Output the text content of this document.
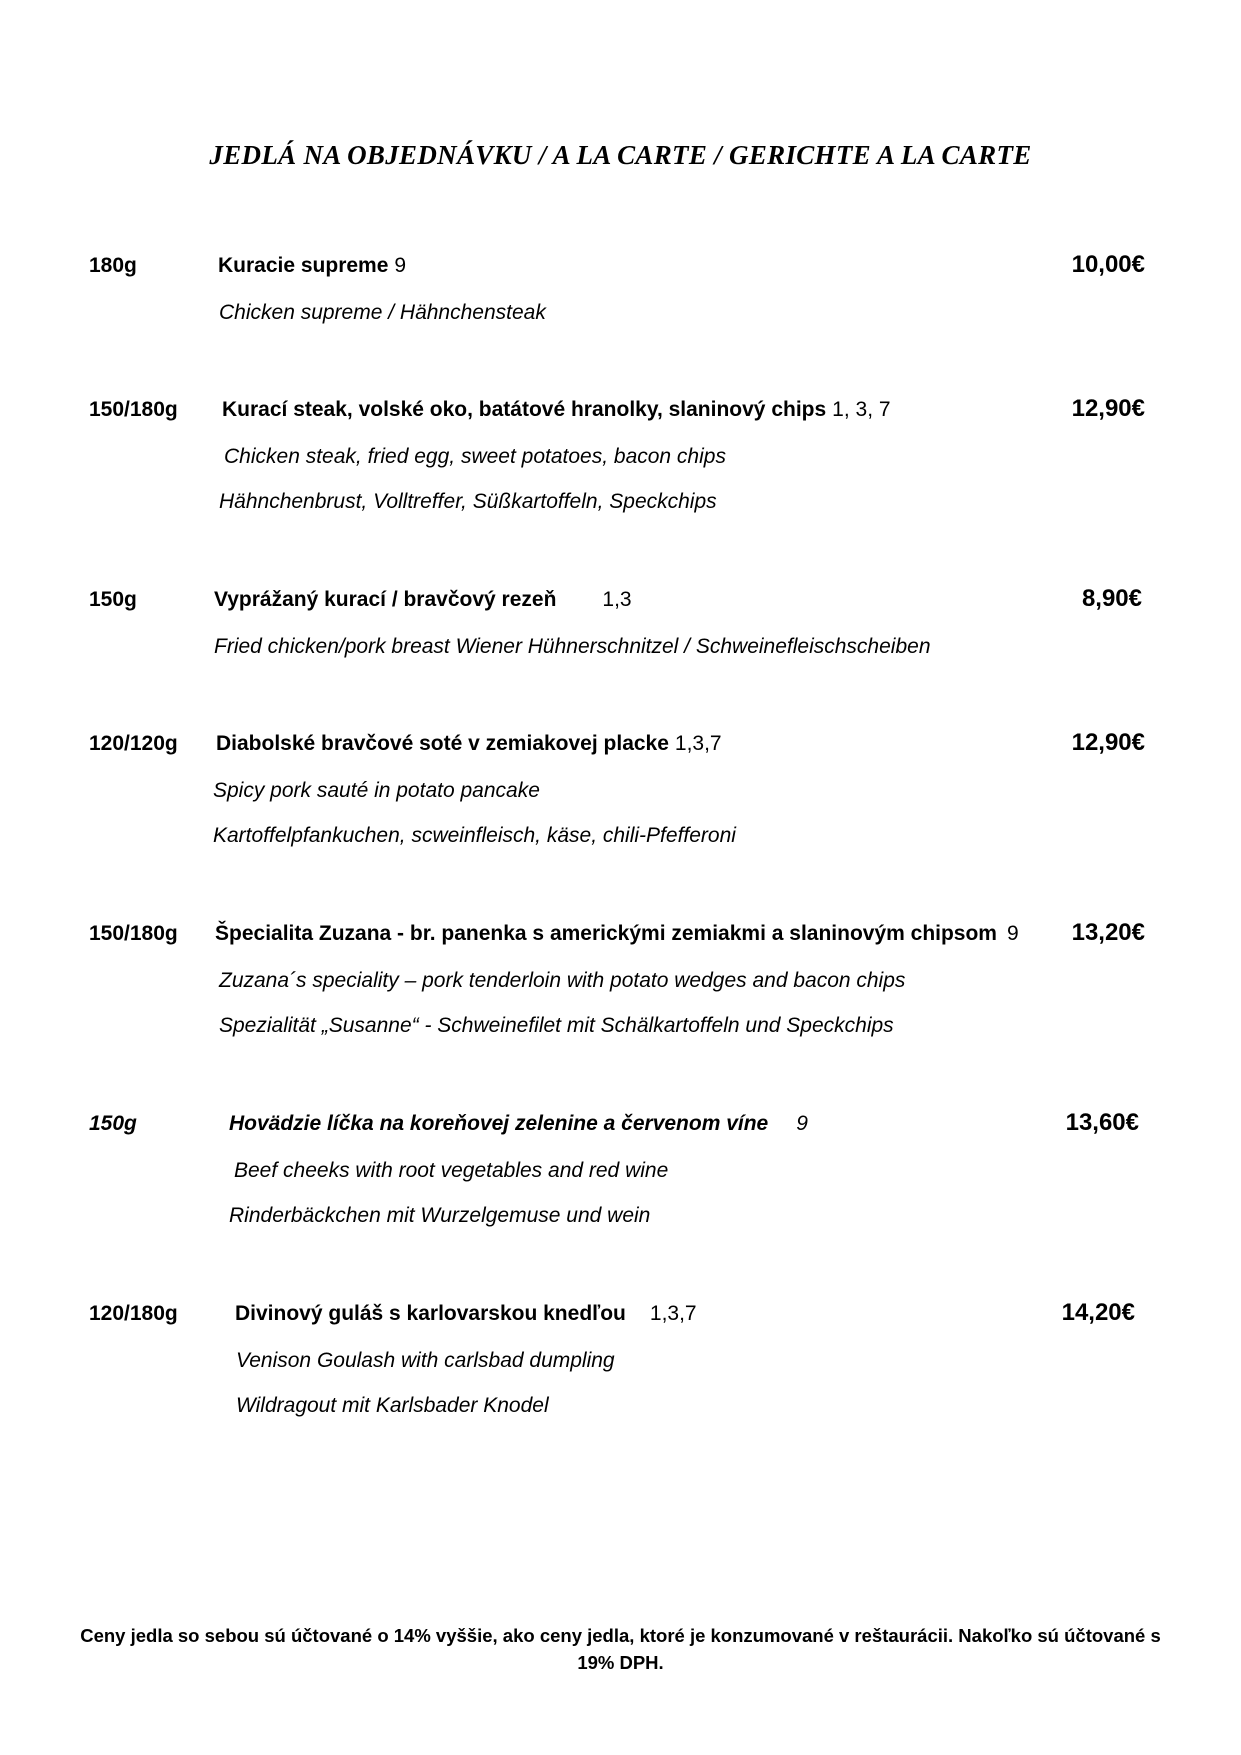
JEDLÁ NA OBJEDNÁVKU / A LA CARTE / GERICHTE A LA CARTE
180g	Kuracie supreme 9	10,00€
Chicken supreme / Hähnchensteak
150/180g Kurací steak, volské oko, batátové hranolky, slaninový chips 1, 3, 7	12,90€
Chicken steak, fried egg, sweet potatoes, bacon chips
Hähnchenbrust, Volltreffer, Süßkartoffeln, Speckchips
150g	Vyprážaný kurací / bravčový rezeň 1,3	8,90€
Fried chicken/pork breast Wiener Hühnerschnitzel / Schweinefleischscheiben
120/120g Diabolské bravčové soté v zemiakovej placke 1,3,7	12,90€
Spicy pork sauté in potato pancake
Kartoffelpfankuchen, scweinfleisch, käse, chili-Pfefferoni
150/180g Špecialita Zuzana - br. panenka s americkými zemiakmi a slaninovým chipsom 9 13,20€
Zuzana´s speciality – pork tenderloin with potato wedges and bacon chips
Spezialität „Susanne“ - Schweinefilet mit Schälkartoffeln und Speckchips
150g	Hovädzie líčka na koreňovej zelenine a červenom víne 9	13,60€
Beef cheeks with root vegetables and red wine
Rinderbäckchen mit Wurzelgemuse und wein
120/180g	Divinový guláš s karlovarskou knedľou 1,3,7	14,20€
Venison Goulash with carlsbad dumpling
Wildragout mit Karlsbader Knodel
Ceny jedla so sebou sú účtované o 14% vyššie, ako ceny jedla, ktoré je konzumované v reštaurácii. Nakoľko sú účtované s 19% DPH.
